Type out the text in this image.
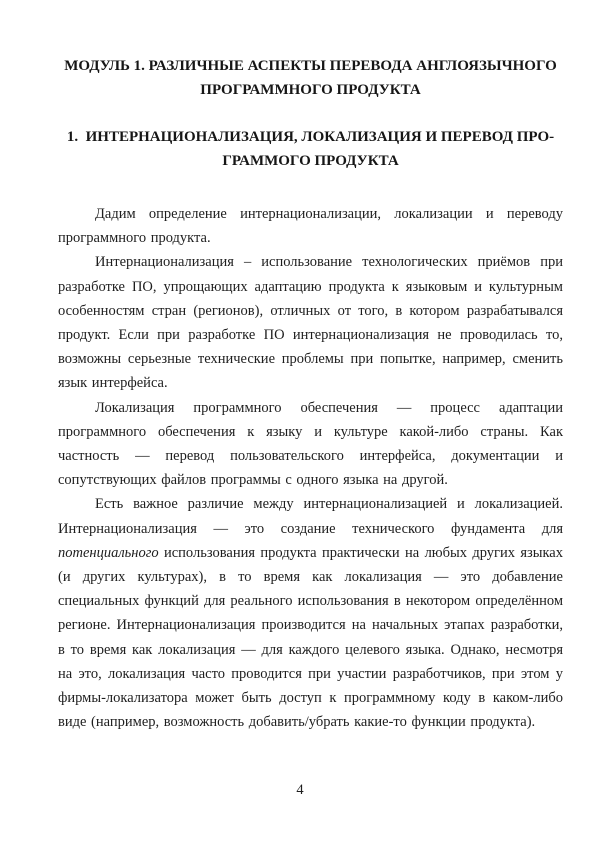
МОДУЛЬ 1. РАЗЛИЧНЫЕ АСПЕКТЫ ПЕРЕВОДА АНГЛОЯЗЫЧНОГО
ПРОГРАММНОГО ПРОДУКТА
1.  ИНТЕРНАЦИОНАЛИЗАЦИЯ, ЛОКАЛИЗАЦИЯ И ПЕРЕВОД ПРО-
ГРАММОГО ПРОДУКТА

Дадим определение интернационализации, локализации и переводу программного продукта.

Интернационализация – использование технологических приёмов при разработке ПО, упрощающих адаптацию продукта к языковым и культурным особенностям стран (регионов), отличных от того, в котором разрабатывался продукт. Если при разработке ПО интернационализация не проводилась то, возможны серьезные технические проблемы при попытке, например, сменить язык интерфейса.

Локализация программного обеспечения — процесс адаптации программного обеспечения к языку и культуре какой-либо страны. Как частность — перевод пользовательского интерфейса, документации и сопутствующих файлов программы с одного языка на другой.

Есть важное различие между интернационализацией и локализацией. Интернационализация — это создание технического фундамента для потенциального использования продукта практически на любых других языках (и других культурах), в то время как локализация — это добавление специальных функций для реального использования в некотором определённом регионе. Интернационализация производится на начальных этапах разработки, в то время как локализация — для каждого целевого языка. Однако, несмотря на это, локализация часто проводится при участии разработчиков, при этом у фирмы-локализатора может быть доступ к программному коду в каком-либо виде (например, возможность добавить/убрать какие-то функции продукта).

4
